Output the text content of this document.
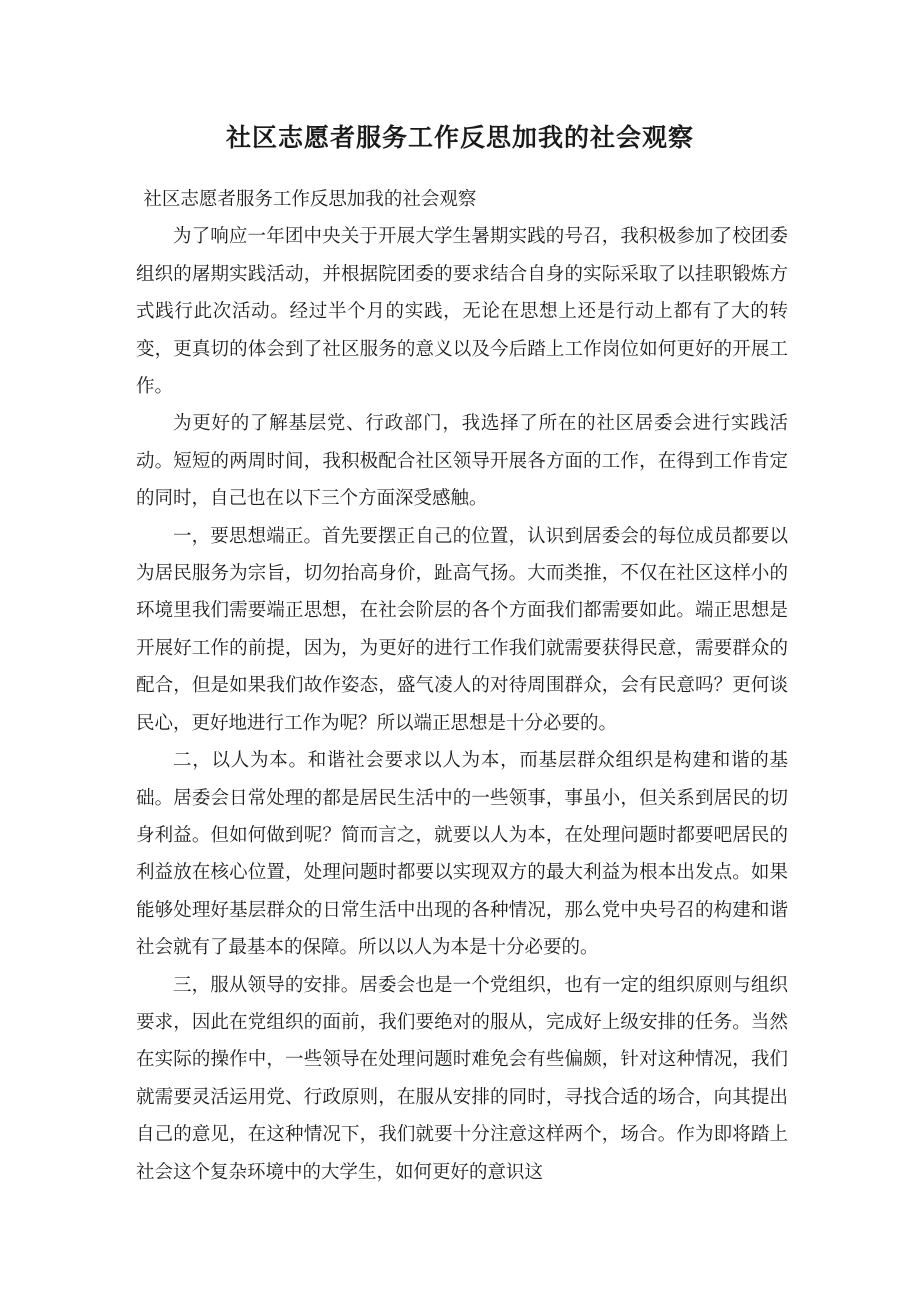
社区志愿者服务工作反思加我的社会观察

社区志愿者服务工作反思加我的社会观察

为了响应一年团中央关于开展大学生暑期实践的号召，我积极参加了校团委组织的屠期实践活动，并根据院团委的要求结合自身的实际采取了以挂职锻炼方式践行此次活动。经过半个月的实践，无论在思想上还是行动上都有了大的转变，更真切的体会到了社区服务的意义以及今后踏上工作岗位如何更好的开展工作。

为更好的了解基层党、行政部门，我选择了所在的社区居委会进行实践活动。短短的两周时间，我积极配合社区领导开展各方面的工作，在得到工作肯定的同时，自己也在以下三个方面深受感触。

一，要思想端正。首先要摆正自己的位置，认识到居委会的每位成员都要以为居民服务为宗旨，切勿抬高身价，趾高气扬。大而类推，不仅在社区这样小的环境里我们需要端正思想，在社会阶层的各个方面我们都需要如此。端正思想是开展好工作的前提，因为，为更好的进行工作我们就需要获得民意，需要群众的配合，但是如果我们故作姿态，盛气凌人的对待周围群众，会有民意吗？更何谈民心，更好地进行工作为呢？所以端正思想是十分必要的。

二，以人为本。和谐社会要求以人为本，而基层群众组织是构建和谐的基础。居委会日常处理的都是居民生活中的一些领事，事虽小，但关系到居民的切身利益。但如何做到呢？简而言之，就要以人为本，在处理问题时都要吧居民的利益放在核心位置，处理问题时都要以实现双方的最大利益为根本出发点。如果能够处理好基层群众的日常生活中出现的各种情况，那么党中央号召的构建和谐社会就有了最基本的保障。所以以人为本是十分必要的。

三，服从领导的安排。居委会也是一个党组织，也有一定的组织原则与组织要求，因此在党组织的面前，我们要绝对的服从，完成好上级安排的任务。当然在实际的操作中，一些领导在处理问题时难免会有些偏颇，针对这种情况，我们就需要灵活运用党、行政原则，在服从安排的同时，寻找合适的场合，向其提出自己的意见，在这种情况下，我们就要十分注意这样两个，场合。作为即将踏上社会这个复杂环境中的大学生，如何更好的意识这
